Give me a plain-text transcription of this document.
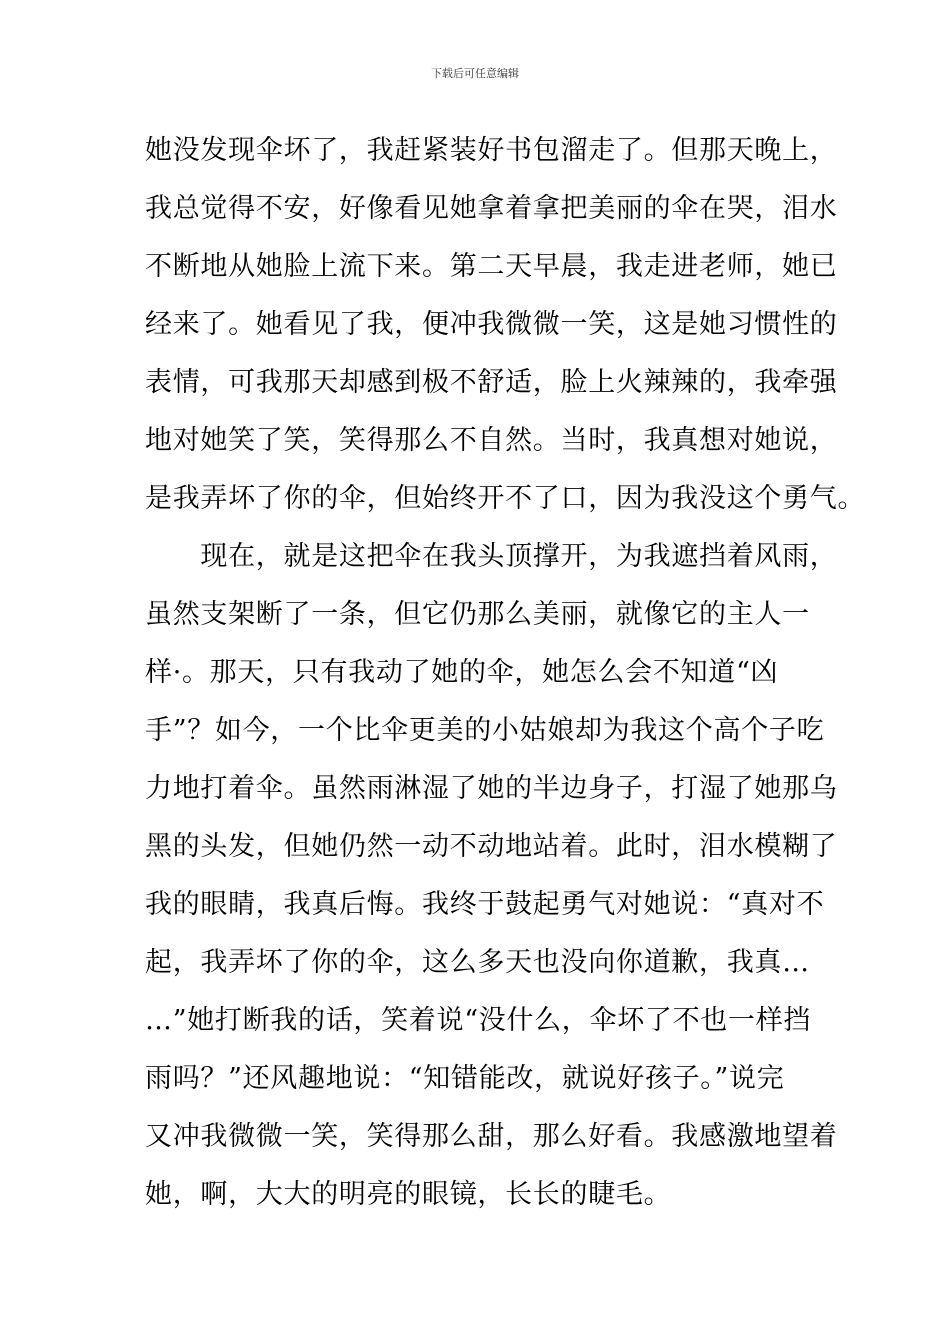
下载后可任意编辑
她没发现伞坏了，我赶紧装好书包溜走了。但那天晚上，
我总觉得不安，好像看见她拿着拿把美丽的伞在哭，泪水
不断地从她脸上流下来。第二天早晨，我走进老师，她已
经来了。她看见了我，便冲我微微一笑，这是她习惯性的
表情，可我那天却感到极不舒适，脸上火辣辣的，我牵强
地对她笑了笑，笑得那么不自然。当时，我真想对她说，
是我弄坏了你的伞，但始终开不了口，因为我没这个勇气。
　　现在，就是这把伞在我头顶撑开，为我遮挡着风雨，
虽然支架断了一条，但它仍那么美丽，就像它的主人一
样·。那天，只有我动了她的伞，她怎么会不知道“凶
手”？如今，一个比伞更美的小姑娘却为我这个高个子吃
力地打着伞。虽然雨淋湿了她的半边身子，打湿了她那乌
黑的头发，但她仍然一动不动地站着。此时，泪水模糊了
我的眼睛，我真后悔。我终于鼓起勇气对她说：“真对不
起，我弄坏了你的伞，这么多天也没向你道歉，我真…
…”她打断我的话，笑着说“没什么，伞坏了不也一样挡
雨吗？”还风趣地说：“知错能改，就说好孩子。”说完
又冲我微微一笑，笑得那么甜，那么好看。我感激地望着
她，啊，大大的明亮的眼镜，长长的睫毛。
